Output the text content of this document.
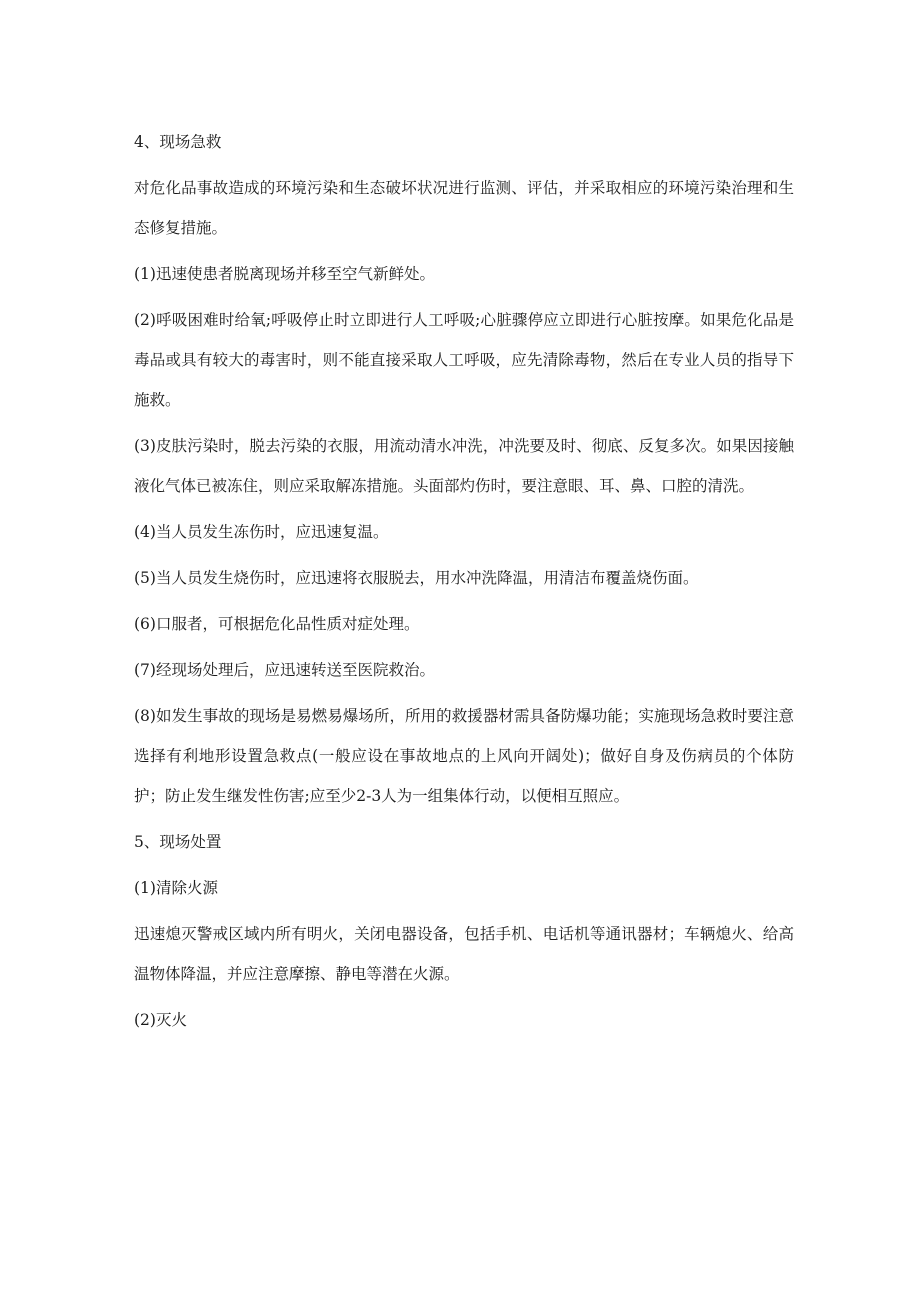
4、现场急救

对危化品事故造成的环境污染和生态破坏状况进行监测、评估，并采取相应的环境污染治理和生态修复措施。

(1)迅速使患者脱离现场并移至空气新鲜处。

(2)呼吸困难时给氧;呼吸停止时立即进行人工呼吸;心脏骤停应立即进行心脏按摩。如果危化品是毒品或具有较大的毒害时，则不能直接采取人工呼吸，应先清除毒物，然后在专业人员的指导下施救。

(3)皮肤污染时，脱去污染的衣服，用流动清水冲洗，冲洗要及时、彻底、反复多次。如果因接触液化气体已被冻住，则应采取解冻措施。头面部灼伤时，要注意眼、耳、鼻、口腔的清洗。

(4)当人员发生冻伤时，应迅速复温。

(5)当人员发生烧伤时，应迅速将衣服脱去，用水冲洗降温，用清洁布覆盖烧伤面。

(6)口服者，可根据危化品性质对症处理。

(7)经现场处理后，应迅速转送至医院救治。

(8)如发生事故的现场是易燃易爆场所，所用的救援器材需具备防爆功能；实施现场急救时要注意选择有利地形设置急救点(一般应设在事故地点的上风向开阔处)；做好自身及伤病员的个体防护；防止发生继发性伤害;应至少2-3人为一组集体行动，以便相互照应。

5、现场处置

(1)清除火源

迅速熄灭警戒区域内所有明火，关闭电器设备，包括手机、电话机等通讯器材；车辆熄火、给高温物体降温，并应注意摩擦、静电等潜在火源。

(2)灭火
